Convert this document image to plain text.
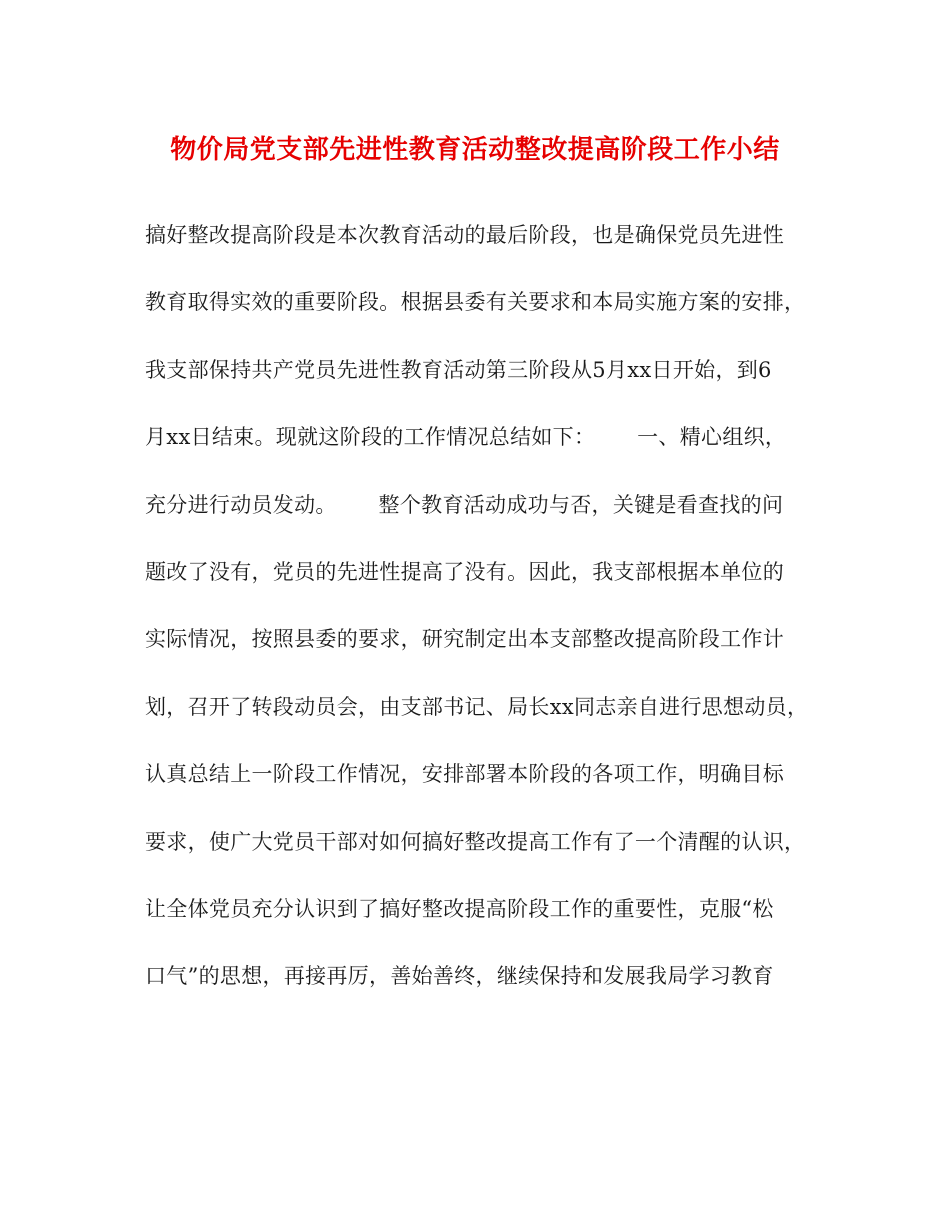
物价局党支部先进性教育活动整改提高阶段工作小结
搞好整改提高阶段是本次教育活动的最后阶段，也是确保党员先进性
教育取得实效的重要阶段。根据县委有关要求和本局实施方案的安排，
我支部保持共产党员先进性教育活动第三阶段从5月xx日开始，到6
月xx日结束。现就这阶段的工作情况总结如下：      一、精心组织，
充分进行动员发动。      整个教育活动成功与否，关键是看查找的问
题改了没有，党员的先进性提高了没有。因此，我支部根据本单位的
实际情况，按照县委的要求，研究制定出本支部整改提高阶段工作计
划，召开了转段动员会，由支部书记、局长xx同志亲自进行思想动员，
认真总结上一阶段工作情况，安排部署本阶段的各项工作，明确目标
要求，使广大党员干部对如何搞好整改提高工作有了一个清醒的认识，
让全体党员充分认识到了搞好整改提高阶段工作的重要性，克服“松
口气”的思想，再接再厉，善始善终，继续保持和发展我局学习教育
